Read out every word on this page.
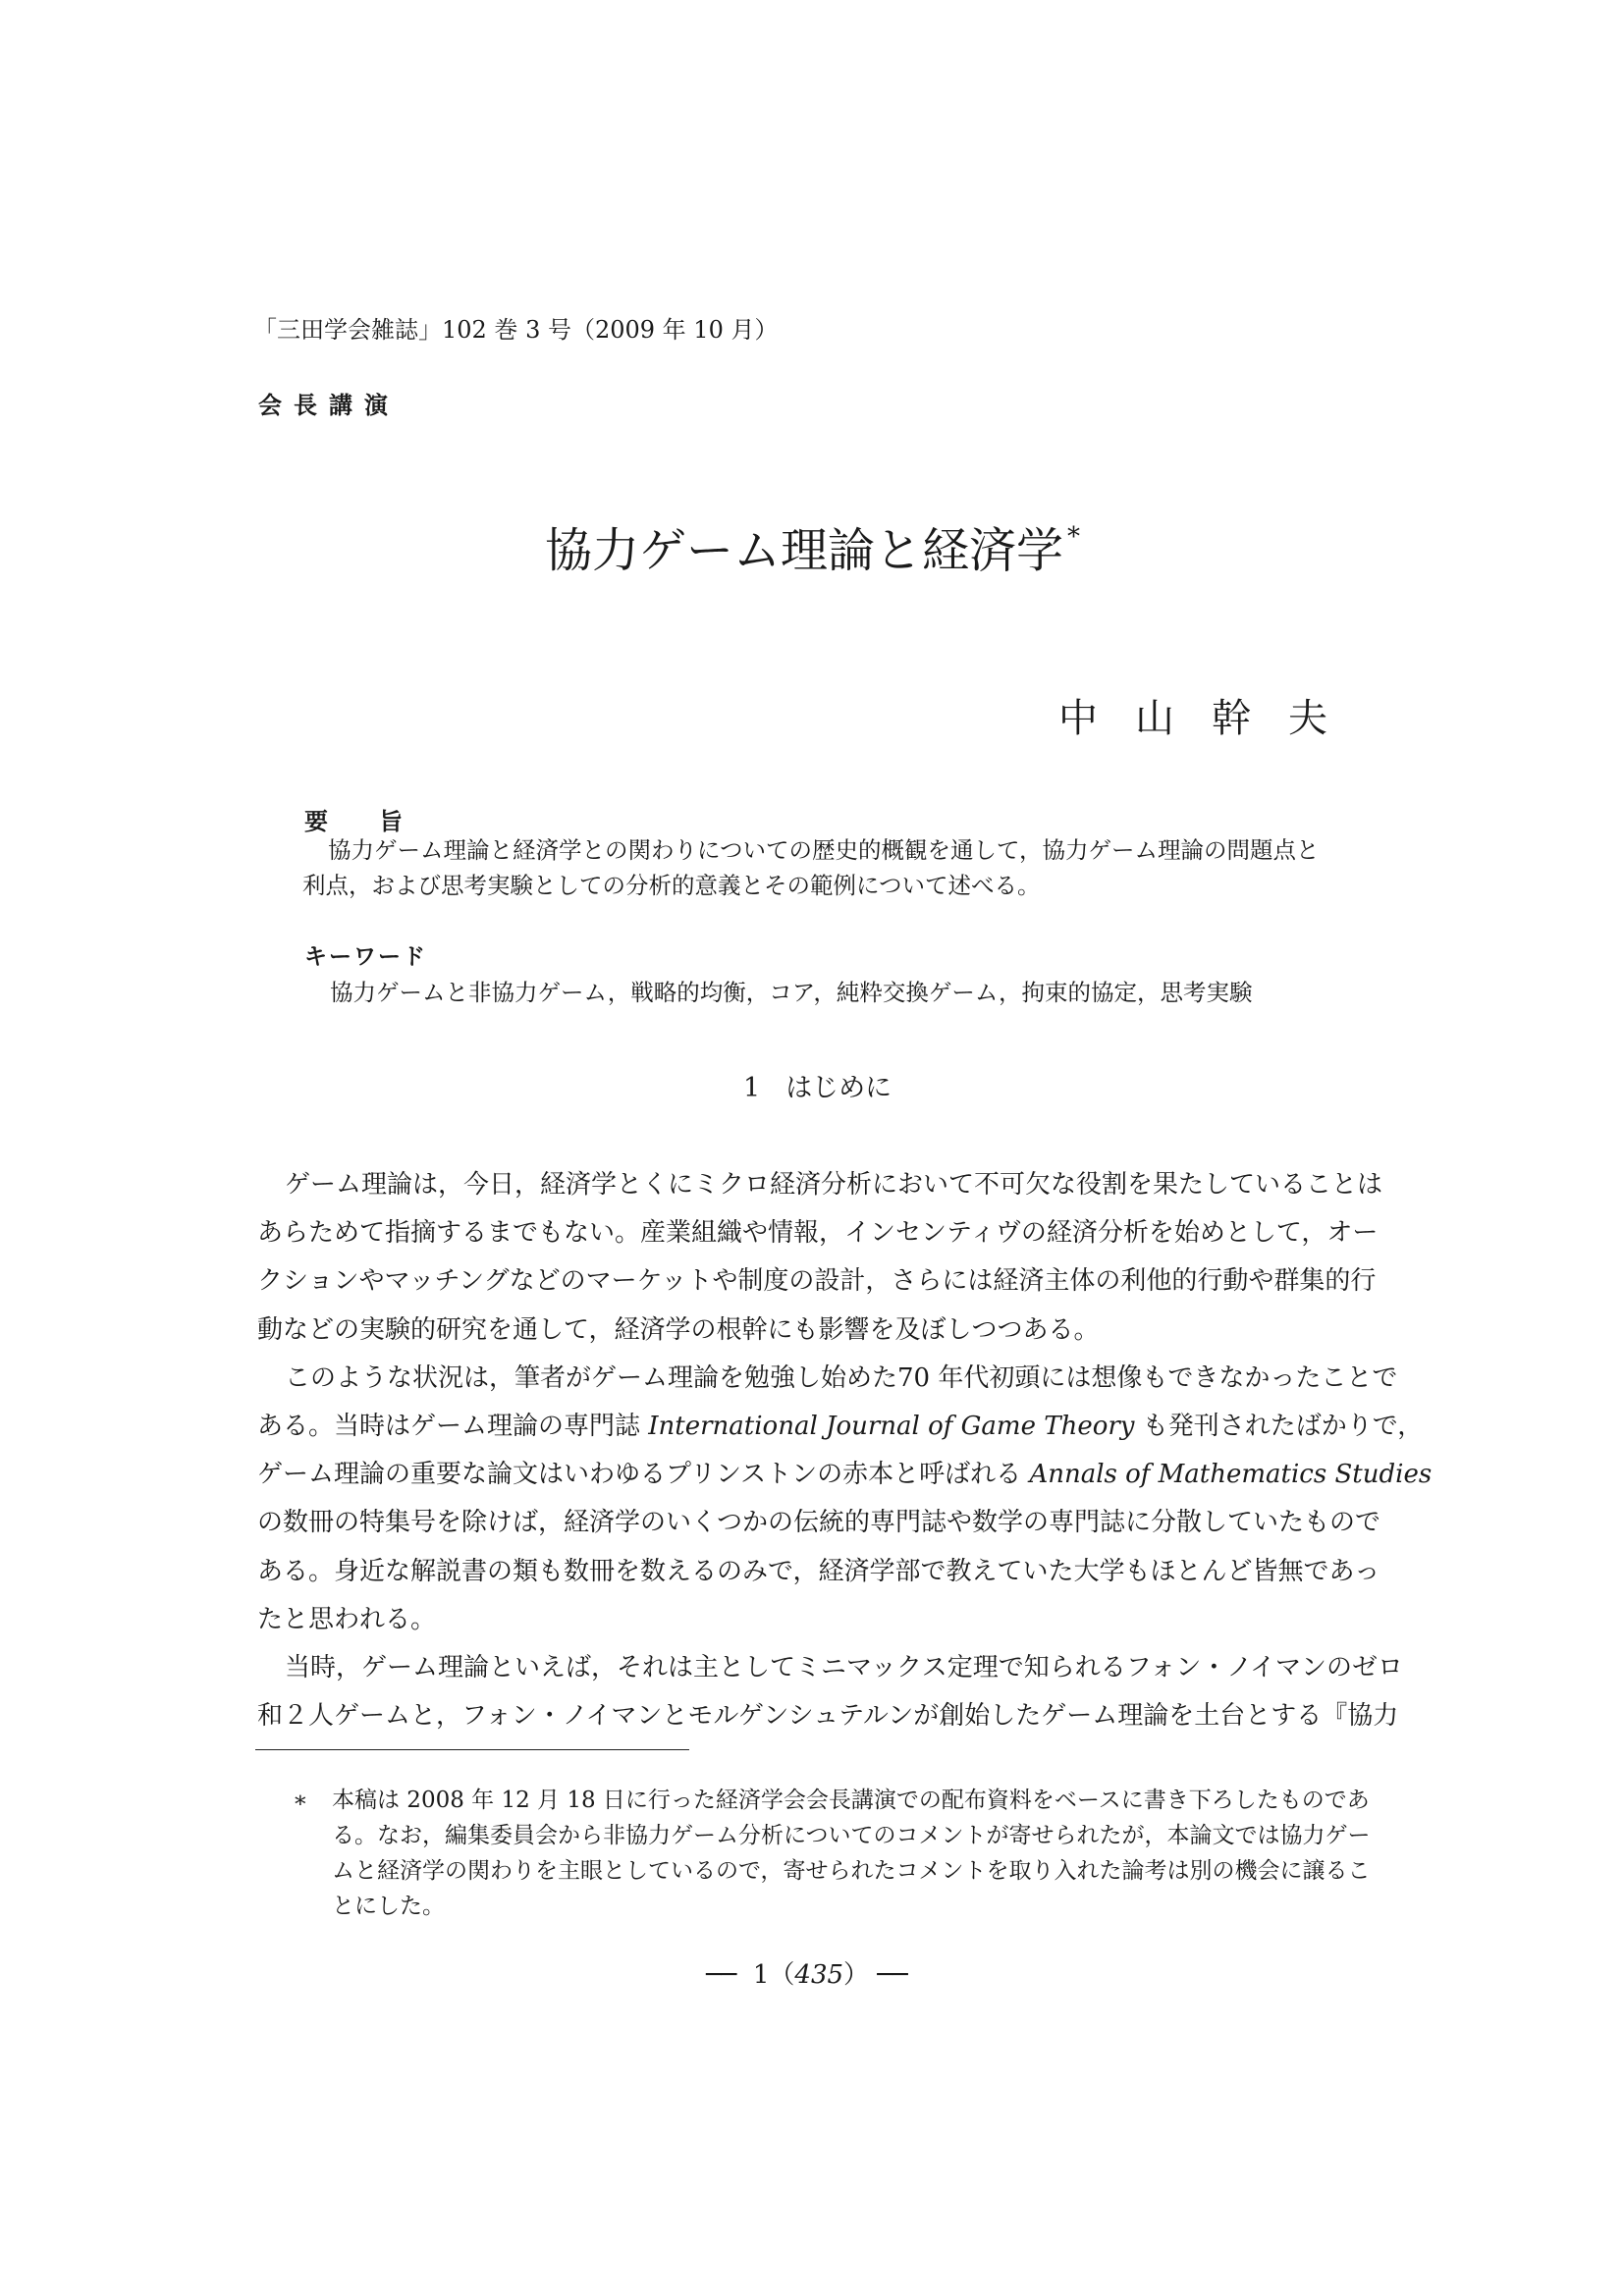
「三田学会雑誌」102 巻 3 号（2009 年 10 月）
会長講演
協力ゲーム理論と経済学 *
中山幹夫
要旨
協力ゲーム理論と経済学との関わりについての歴史的概観を通して，協力ゲーム理論の問題点と
利点，および思考実験としての分析的意義とその範例について述べる。
キーワード
協力ゲームと非協力ゲーム，戦略的均衡，コア，純粋交換ゲーム，拘束的協定，思考実験
1 はじめに
ゲーム理論は，今日，経済学とくにミクロ経済分析において不可欠な役割を果たしていることは
あらためて指摘するまでもない。産業組織や情報，インセンティヴの経済分析を始めとして，オー
クションやマッチングなどのマーケットや制度の設計，さらには経済主体の利他的行動や群集的行
動などの実験的研究を通して，経済学の根幹にも影響を及ぼしつつある。
このような状況は，筆者がゲーム理論を勉強し始めた70 年代初頭には想像もできなかったことで
ある。当時はゲーム理論の専門誌 International Journal of Game Theory も発刊されたばかりで，
ゲーム理論の重要な論文はいわゆるプリンストンの赤本と呼ばれる Annals of Mathematics Studies
の数冊の特集号を除けば，経済学のいくつかの伝統的専門誌や数学の専門誌に分散していたもので
ある。身近な解説書の類も数冊を数えるのみで，経済学部で教えていた大学もほとんど皆無であっ
たと思われる。
当時，ゲーム理論といえば，それは主としてミニマックス定理で知られるフォン・ノイマンのゼロ
和２人ゲームと，フォン・ノイマンとモルゲンシュテルンが創始したゲーム理論を土台とする『協力
∗ 本稿は 2008 年 12 月 18 日に行った経済学会会長講演での配布資料をベースに書き下ろしたものであ
る。なお，編集委員会から非協力ゲーム分析についてのコメントが寄せられたが，本論文では協力ゲー
ムと経済学の関わりを主眼としているので，寄せられたコメントを取り入れた論考は別の機会に譲るこ
とにした。
──  1（435） ──
